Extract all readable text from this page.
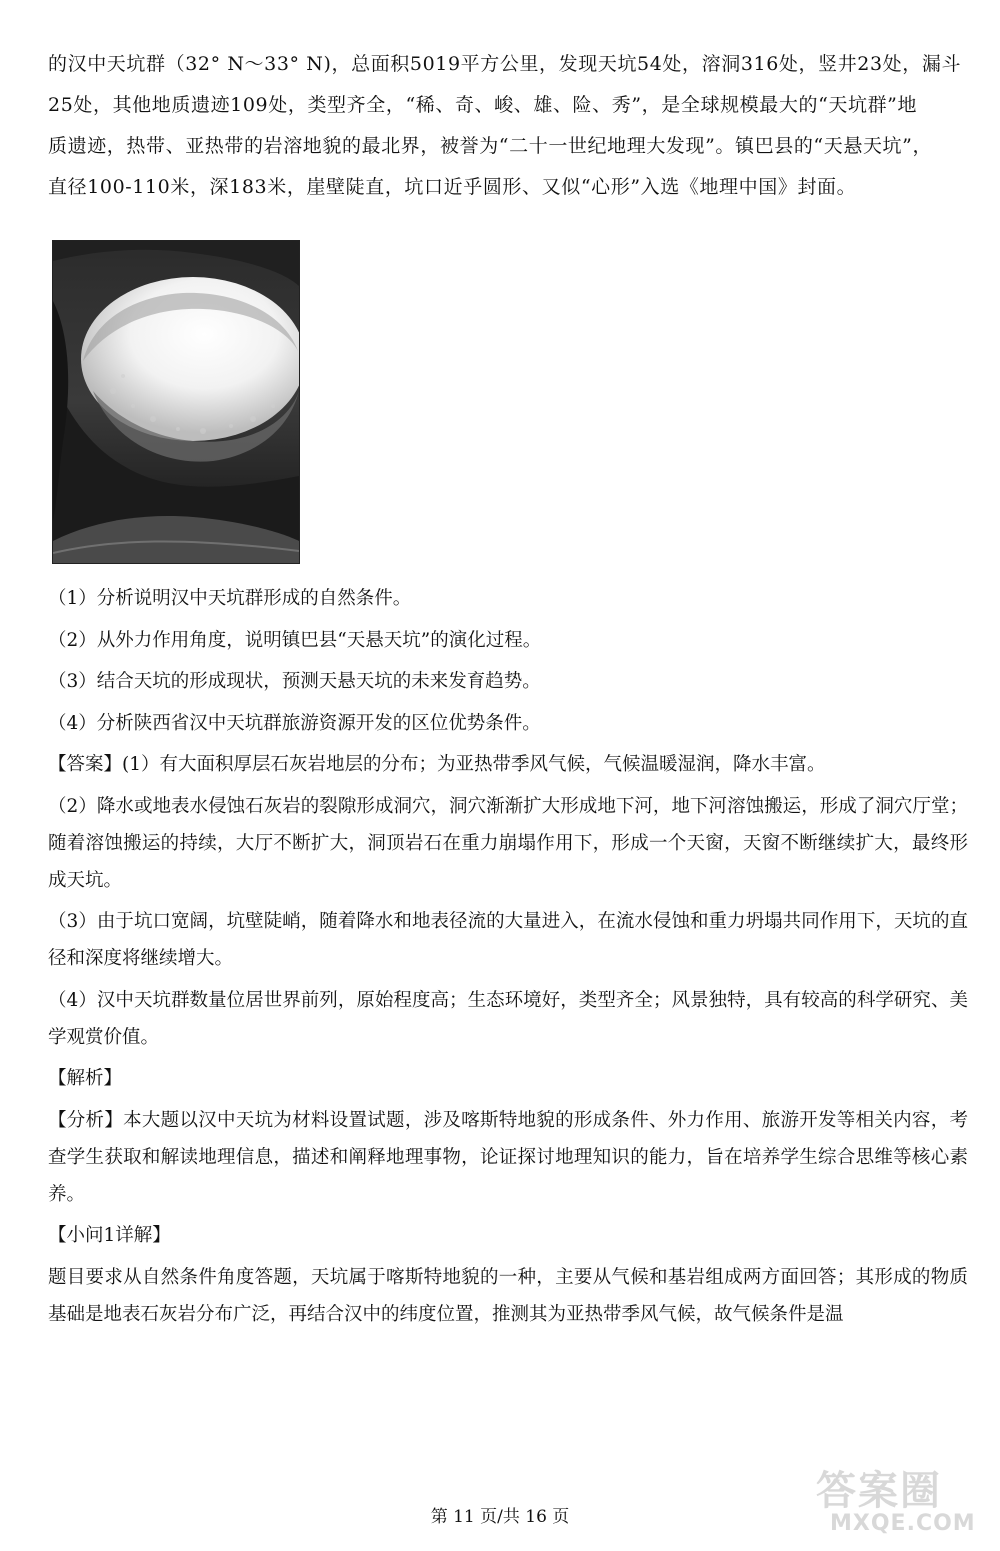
的汉中天坑群（32° N～33° N)，总面积5019平方公里，发现天坑54处，溶洞316处，竖井23处，漏斗

25处，其他地质遗迹109处，类型齐全，“稀、奇、峻、雄、险、秀”，是全球规模最大的“天坑群”地

质遗迹，热带、亚热带的岩溶地貌的最北界，被誉为“二十一世纪地理大发现”。镇巴县的“天悬天坑”，

直径100-110米，深183米，崖壁陡直，坑口近乎圆形、又似“心形”入选《地理中国》封面。

（1）分析说明汉中天坑群形成的自然条件。

（2）从外力作用角度，说明镇巴县“天悬天坑”的演化过程。

（3）结合天坑的形成现状，预测天悬天坑的未来发育趋势。

（4）分析陕西省汉中天坑群旅游资源开发的区位优势条件。

【答案】(1）有大面积厚层石灰岩地层的分布；为亚热带季风气候，气候温暖湿润，降水丰富。

（2）降水或地表水侵蚀石灰岩的裂隙形成洞穴，洞穴渐渐扩大形成地下河，地下河溶蚀搬运，形成了洞穴厅堂；随着溶蚀搬运的持续，大厅不断扩大，洞顶岩石在重力崩塌作用下，形成一个天窗，天窗不断继续扩大，最终形成天坑。

（3）由于坑口宽阔，坑壁陡峭，随着降水和地表径流的大量进入，在流水侵蚀和重力坍塌共同作用下，天坑的直径和深度将继续增大。

（4）汉中天坑群数量位居世界前列，原始程度高；生态环境好，类型齐全；风景独特，具有较高的科学研究、美学观赏价值。

【解析】

【分析】本大题以汉中天坑为材料设置试题，涉及喀斯特地貌的形成条件、外力作用、旅游开发等相关内容，考查学生获取和解读地理信息，描述和阐释地理事物，论证探讨地理知识的能力，旨在培养学生综合思维等核心素养。

【小问1详解】

题目要求从自然条件角度答题，天坑属于喀斯特地貌的一种，主要从气候和基岩组成两方面回答；其形成的物质基础是地表石灰岩分布广泛，再结合汉中的纬度位置，推测其为亚热带季风气候，故气候条件是温

第 11 页/共 16 页
答案圈
MXQE.COM
